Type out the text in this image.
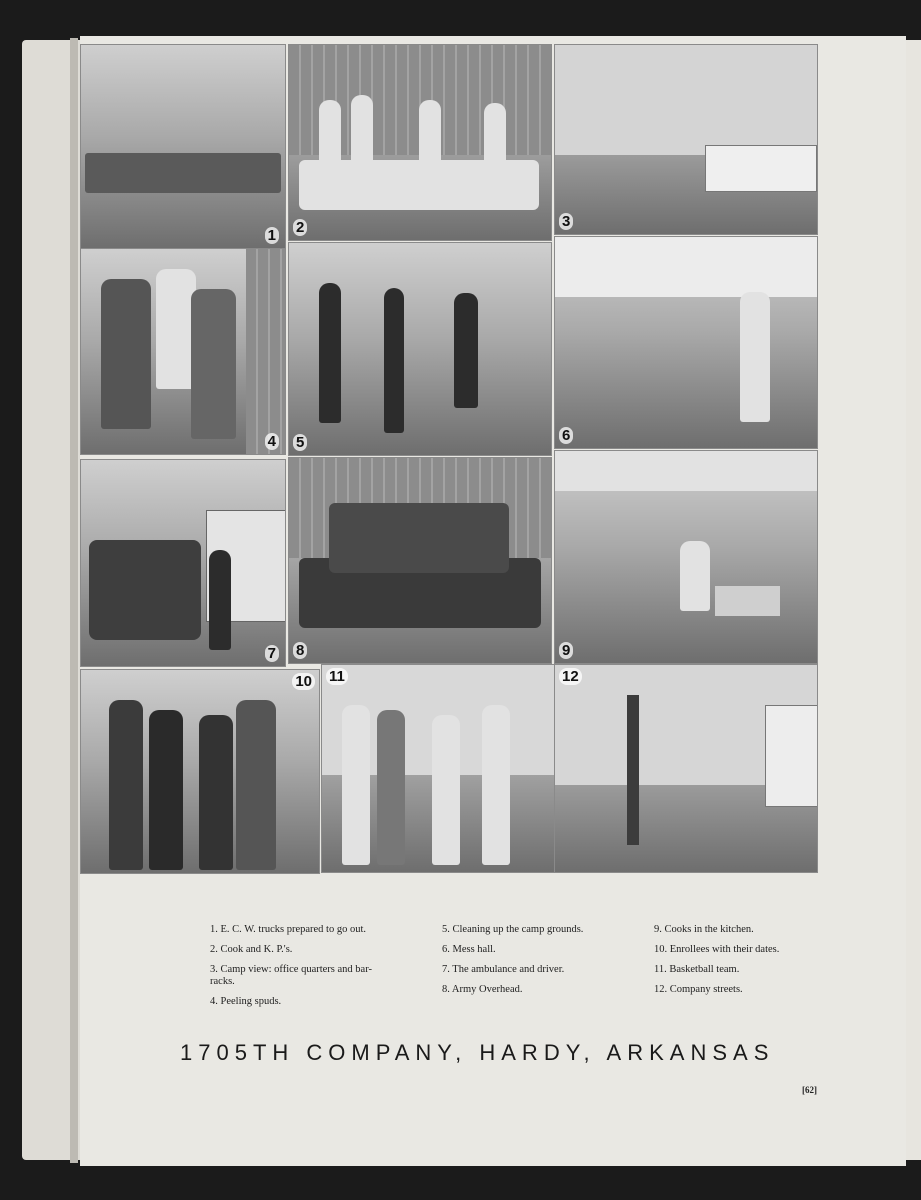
1 2	3
4 5	6
7 8	9
10 11	12
1. E. C. W. trucks prepared to go out.
2. Cook and K. P.'s.
3. Camp view: office quarters and bar-racks.
4. Peeling spuds.
5. Cleaning up the camp grounds.
6. Mess hall.
7. The ambulance and driver.
8. Army Overhead.
9. Cooks in the kitchen.
10. Enrollees with their dates.
11. Basketball team.
12. Company streets.
1705TH COMPANY, HARDY, ARKANSAS
[62]
